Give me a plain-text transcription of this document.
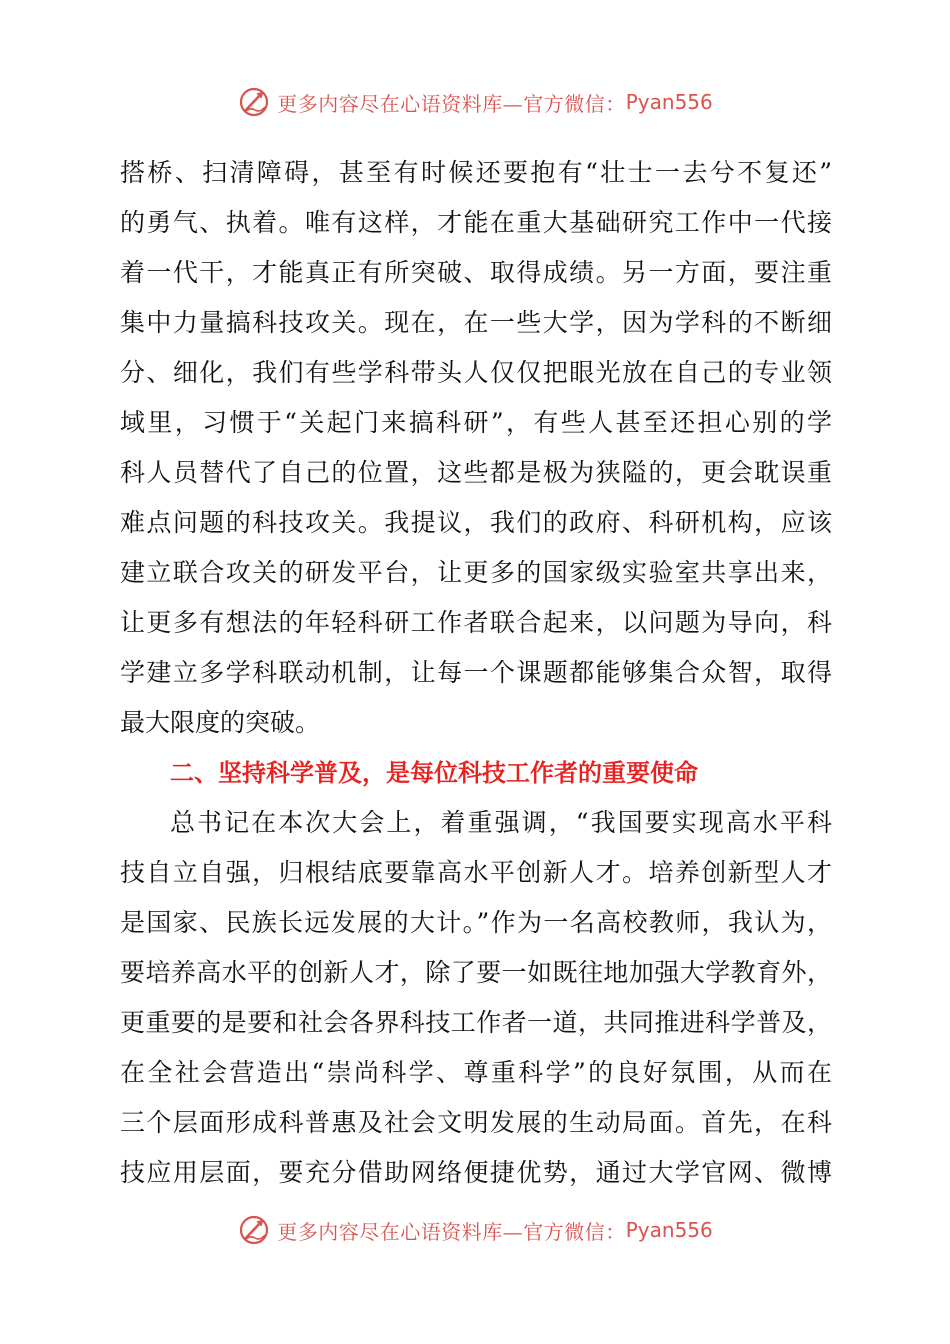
更多内容尽在心语资料库—官方微信： Pyan556
搭桥、扫清障碍，甚至有时候还要抱有“壮士一去兮不复还”
的勇气、执着。唯有这样，才能在重大基础研究工作中一代接
着一代干，才能真正有所突破、取得成绩。另一方面，要注重
集中力量搞科技攻关。现在，在一些大学，因为学科的不断细
分、细化，我们有些学科带头人仅仅把眼光放在自己的专业领
域里，习惯于“关起门来搞科研”，有些人甚至还担心别的学
科人员替代了自己的位置，这些都是极为狭隘的，更会耽误重
难点问题的科技攻关。我提议，我们的政府、科研机构，应该
建立联合攻关的研发平台，让更多的国家级实验室共享出来，
让更多有想法的年轻科研工作者联合起来，以问题为导向，科
学建立多学科联动机制，让每一个课题都能够集合众智，取得
最大限度的突破。
二、坚持科学普及，是每位科技工作者的重要使命
总书记在本次大会上，着重强调，“我国要实现高水平科
技自立自强，归根结底要靠高水平创新人才。培养创新型人才
是国家、民族长远发展的大计。”作为一名高校教师，我认为，
要培养高水平的创新人才，除了要一如既往地加强大学教育外，
更重要的是要和社会各界科技工作者一道，共同推进科学普及，
在全社会营造出“崇尚科学、尊重科学”的良好氛围，从而在
三个层面形成科普惠及社会文明发展的生动局面。首先，在科
技应用层面，要充分借助网络便捷优势，通过大学官网、微博
更多内容尽在心语资料库—官方微信： Pyan556
